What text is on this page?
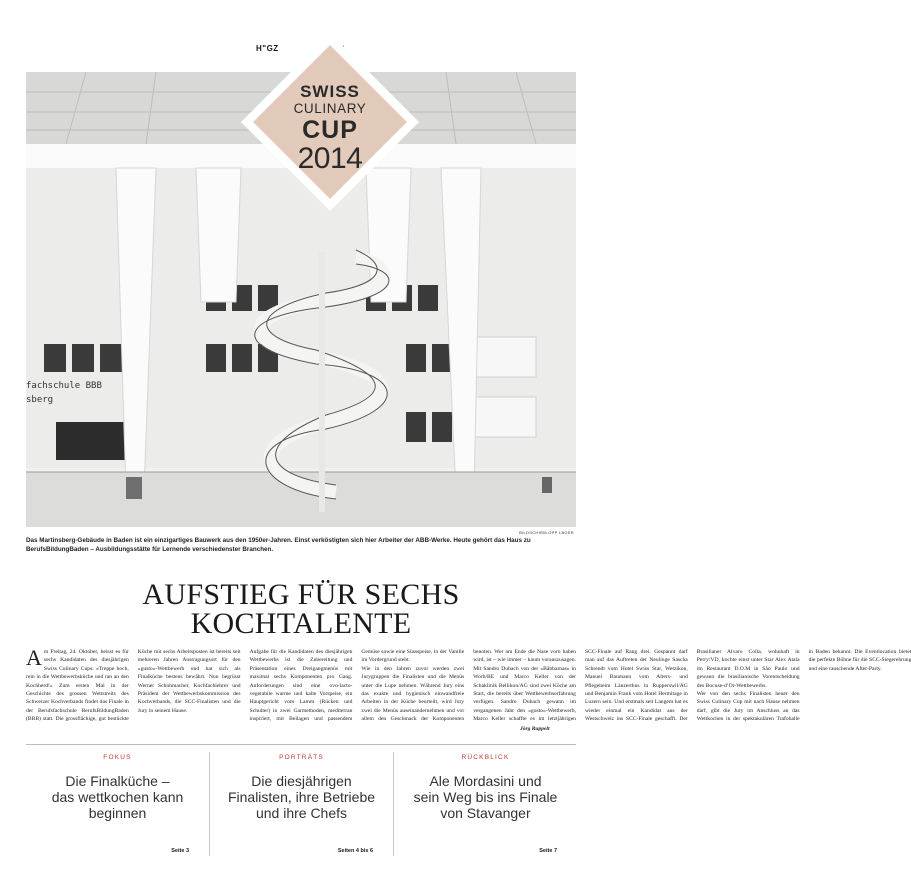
H"GZ
fachschule BBB
sberg
SWISS
CULINARY
CUP
2014
BILDSCHIRM.OPP LÄGER
Das Martinsberg-Gebäude in Baden ist ein einzigartiges Bauwerk aus den 1950er-Jahren. Einst verköstigten sich hier Arbeiter der ABB-Werke. Heute gehört das Haus zu BerufsBildungBaden – Ausbildungsstätte für Lernende verschiedenster Branchen.
AUFSTIEG FÜR SECHS
KOCHTALENTE

Am Freitag, 24. Oktober, heisst es für sechs Kandidaten des diesjährigen Swiss Culinary Cups: «Treppe hoch, rein in die Wettbewerbsküche und ran an den Kochherd!» Zum ersten Mal in der Geschichte des grossen Wettstreits des Schweizer Kochverbands findet das Finale in der Berufsfachschule BerufsBildungBaden (BBB) statt. Die grossflächige, gut bestückte Küche mit sechs Arbeitsposten ist bereits seit mehreren Jahren Austragungsort für den «gusto»-Wettbewerb und hat sich als Finalküche bestens bewährt. Nun begrüsst Werner Schuhmacher, Kochfachlehrer und Präsident der Wettbewerbskommission des Kochverbands, die SCC-Finalisten und die Jury in seinem Hause.

Aufgabe für die Kandidaten des diesjährigen Wettbewerbs ist die Zubereitung und Präsentation eines Dreigangmenüs mit maximal sechs Komponenten pro Gang. Anforderungen sind eine ovo-lacto-vegetabile warme und kalte Vorspeise, ein Hauptgericht vom Lamm (Rücken und Schulter) in zwei Garmethoden, mediterran inspiriert, mit Beilagen und passendem Gemüse sowie eine Süssspeise, in der Vanille im Vordergrund steht.

Wie in den Jahren zuvor werden zwei Jurygruppen die Finalisten und die Menüs unter die Lupe nehmen. Während Jury eins das exakte und hygienisch einwandfreie Arbeiten in der Küche beurteilt, wird Jury zwei die Menüs auseinandernehmen und vor allem den Geschmack der Komponenten benoten. Wer am Ende die Nase vorn haben wird, ist – wie immer – kaum vorauszusagen. Mit Sandro Dubach von der «Bäbbarnas» in Worb/BE und Marco Keller von der Schaklinik Bellikon/AG sind zwei Köche am Start, die bereits über Wettbewerbserfahrung verfügen. Sandro Dubach gewann im vergangenen Jahr den «gusto»-Wettbewerb, Marco Keller schaffte es im letztjährigen SCC-Finale auf Rang drei. Gespannt darf man auf das Auftreten der Neulinge Sascha Schrendt vom Hotel Swiss Star, Wetzikon, Manuel Baumann vom Alters- und Pflegeheim Länzerthus in Rupperswil/AG und Benjamin Frank vom Hotel Hermitage in Luzern sein. Und erstmals seit Langem hat es wieder einmal ein Kandidat aus der Westschweiz ins SCC-Finale geschafft. Der Brasilianer Alvaro Colla, wohnhaft in Perry/VD, kochte einst unter Star Alex Atala im Restaurant D.O.M in São Paulo und gewann die brasilianische Vorentscheidung des Bocuse-d’Or-Wettbewerbs.

Wer von den sechs Finalisten heuer den Swiss Culinary Cup mit nach Hause nehmen darf, gibt die Jury im Anschluss an das Wettkochen in der spektakulären Trafohalle in Baden bekannt. Die Eventlocation bietet die perfekte Bühne für die SCC-Siegerehrung und eine rauschende After-Party.

Jörg Ruppelt
FOKUS
Die Finalküche –
das wettkochen kann
beginnen
Seite 3
PORTRÄTS
Die diesjährigen
Finalisten, ihre Betriebe
und ihre Chefs
Seiten 4 bis 6
RÜCKBLICK
Ale Mordasini und
sein Weg bis ins Finale
von Stavanger
Seite 7
